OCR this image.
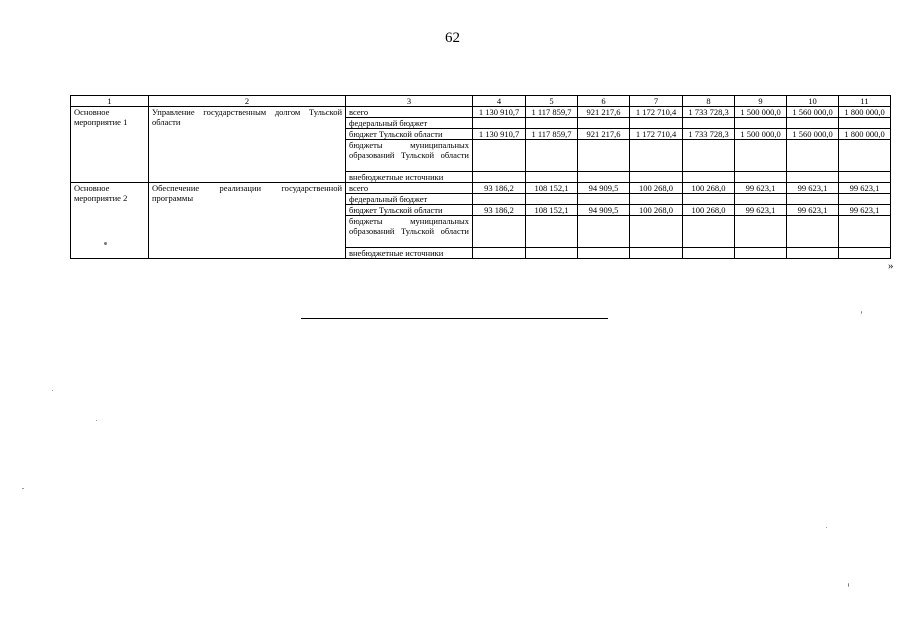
62
1	2	3	4	5	6	7	8	9	10	11
Основное мероприятие 1	Управление государственным долгом Тульской области	всего	1 130 910,7	1 117 859,7	921 217,6	1 172 710,4	1 733 728,3	1 500 000,0	1 560 000,0	1 800 000,0
		федеральный бюджет								
		бюджет Тульской области	1 130 910,7	1 117 859,7	921 217,6	1 172 710,4	1 733 728,3	1 500 000,0	1 560 000,0	1 800 000,0
		бюджеты муниципальных образований Тульской области								
		внебюджетные источники								
Основное мероприятие 2	Обеспечение реализации государственной программы	всего	93 186,2	108 152,1	94 909,5	100 268,0	100 268,0	99 623,1	99 623,1	99 623,1
		федеральный бюджет								
		бюджет Тульской области	93 186,2	108 152,1	94 909,5	100 268,0	100 268,0	99 623,1	99 623,1	99 623,1
		бюджеты муниципальных образований Тульской области								
		внебюджетные источники								
»
